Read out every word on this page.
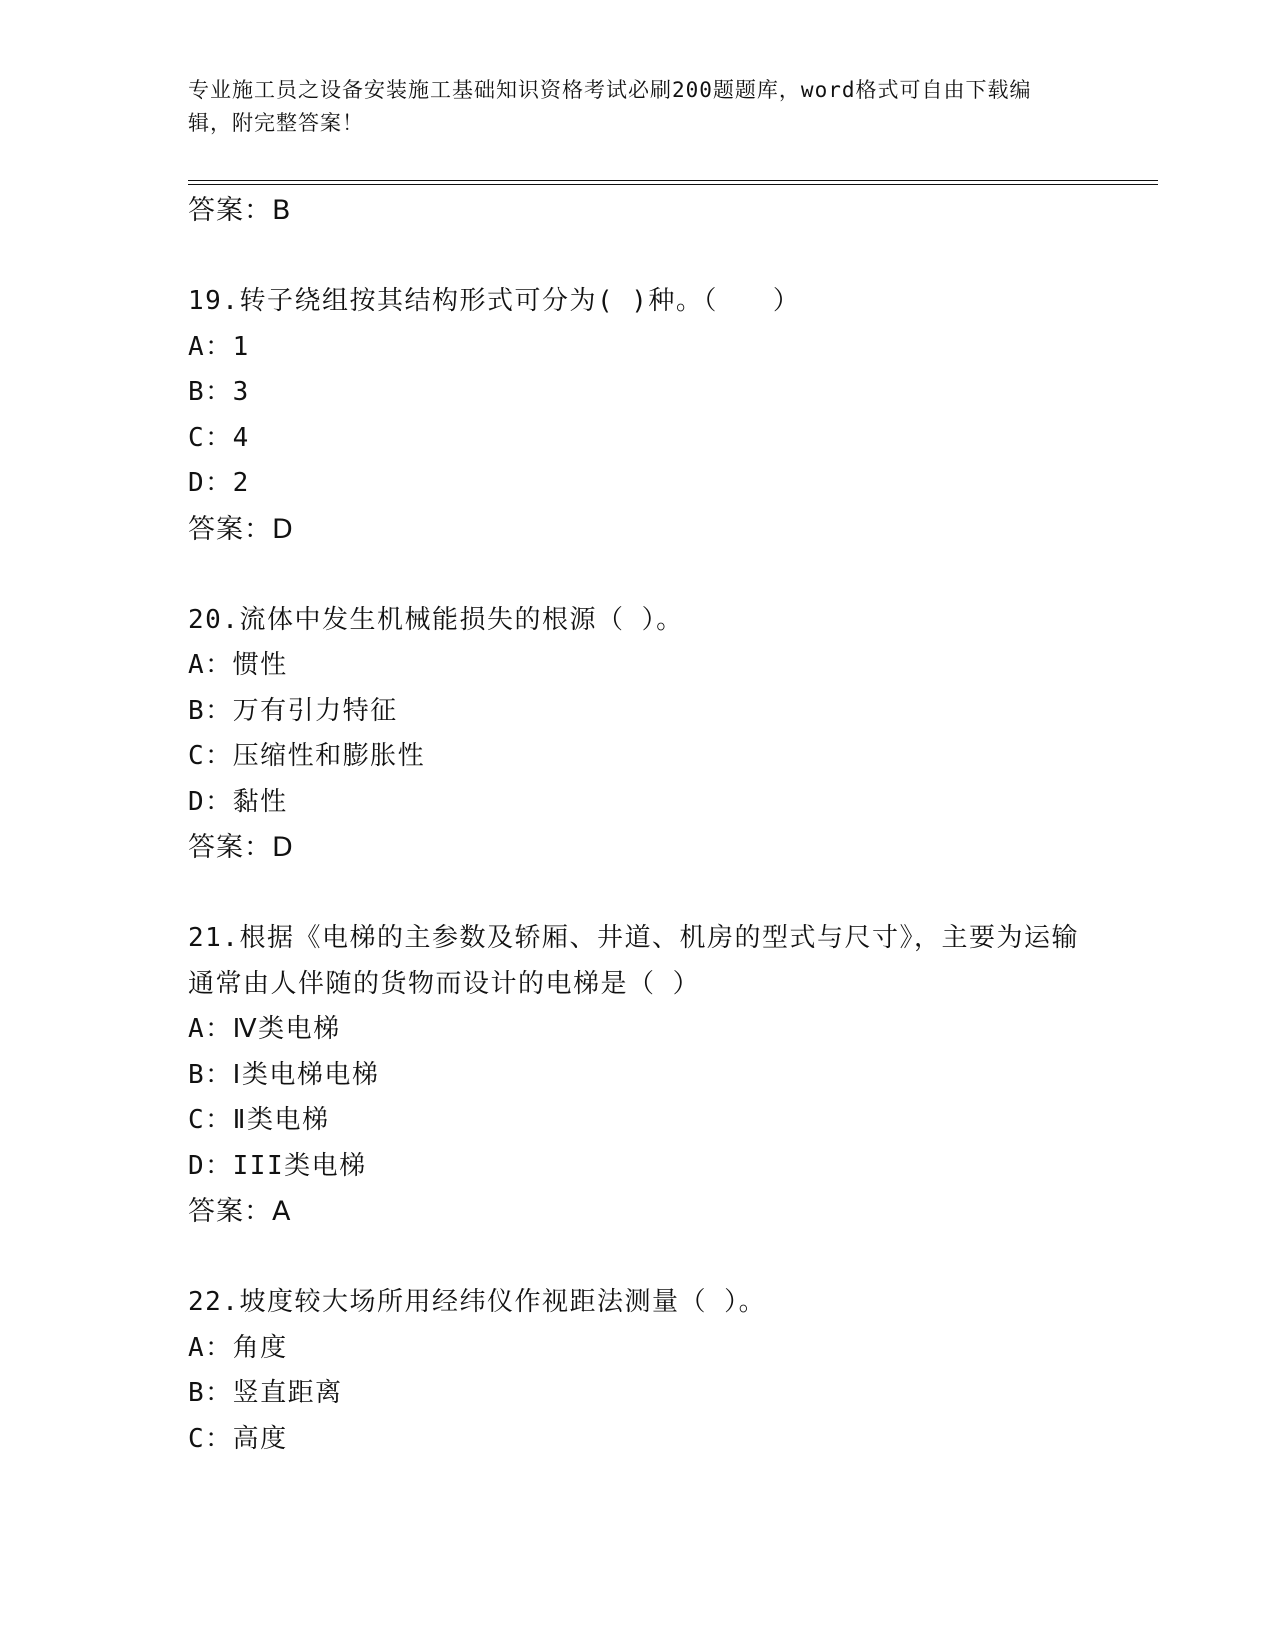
专业施工员之设备安装施工基础知识资格考试必刷200题题库，word格式可自由下载编辑，附完整答案！
答案：B
19.转子绕组按其结构形式可分为( )种。（　　）
A：1
B：3
C：4
D：2
答案：D
20.流体中发生机械能损失的根源（ ）。
A：惯性
B：万有引力特征
C：压缩性和膨胀性
D：黏性
答案：D
21.根据《电梯的主参数及轿厢、井道、机房的型式与尺寸》，主要为运输通常由人伴随的货物而设计的电梯是（ ）
A：Ⅳ类电梯
B：Ⅰ类电梯电梯
C：Ⅱ类电梯
D：III类电梯
答案：A
22.坡度较大场所用经纬仪作视距法测量（ ）。
A：角度
B：竖直距离
C：高度
